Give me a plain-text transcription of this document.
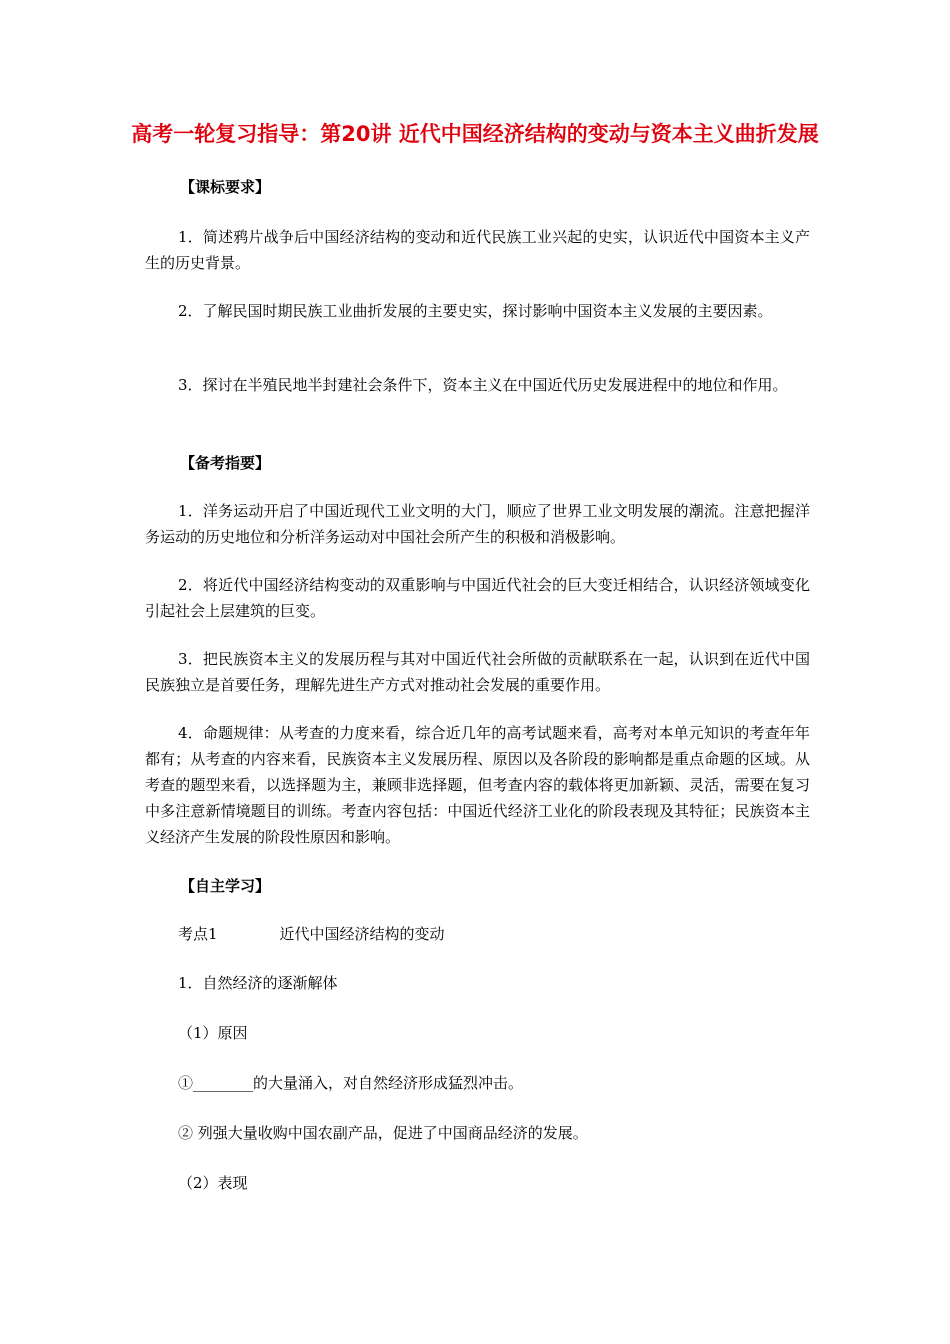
高考一轮复习指导：第20讲 近代中国经济结构的变动与资本主义曲折发展
【课标要求】
1．简述鸦片战争后中国经济结构的变动和近代民族工业兴起的史实，认识近代中国资本主义产生的历史背景。
2．了解民国时期民族工业曲折发展的主要史实，探讨影响中国资本主义发展的主要因素。
3．探讨在半殖民地半封建社会条件下，资本主义在中国近代历史发展进程中的地位和作用。
【备考指要】
1．洋务运动开启了中国近现代工业文明的大门，顺应了世界工业文明发展的潮流。注意把握洋务运动的历史地位和分析洋务运动对中国社会所产生的积极和消极影响。
2．将近代中国经济结构变动的双重影响与中国近代社会的巨大变迁相结合，认识经济领域变化引起社会上层建筑的巨变。
3．把民族资本主义的发展历程与其对中国近代社会所做的贡献联系在一起，认识到在近代中国民族独立是首要任务，理解先进生产方式对推动社会发展的重要作用。
4．命题规律：从考查的力度来看，综合近几年的高考试题来看，高考对本单元知识的考查年年都有；从考查的内容来看，民族资本主义发展历程、原因以及各阶段的影响都是重点命题的区域。从考查的题型来看，以选择题为主，兼顾非选择题，但考查内容的载体将更加新颖、灵活，需要在复习中多注意新情境题目的训练。考查内容包括：中国近代经济工业化的阶段表现及其特征；民族资本主义经济产生发展的阶段性原因和影响。
【自主学习】
考点1	近代中国经济结构的变动
1．自然经济的逐渐解体
（1）原因
①________的大量涌入，对自然经济形成猛烈冲击。
② 列强大量收购中国农副产品，促进了中国商品经济的发展。
（2）表现
